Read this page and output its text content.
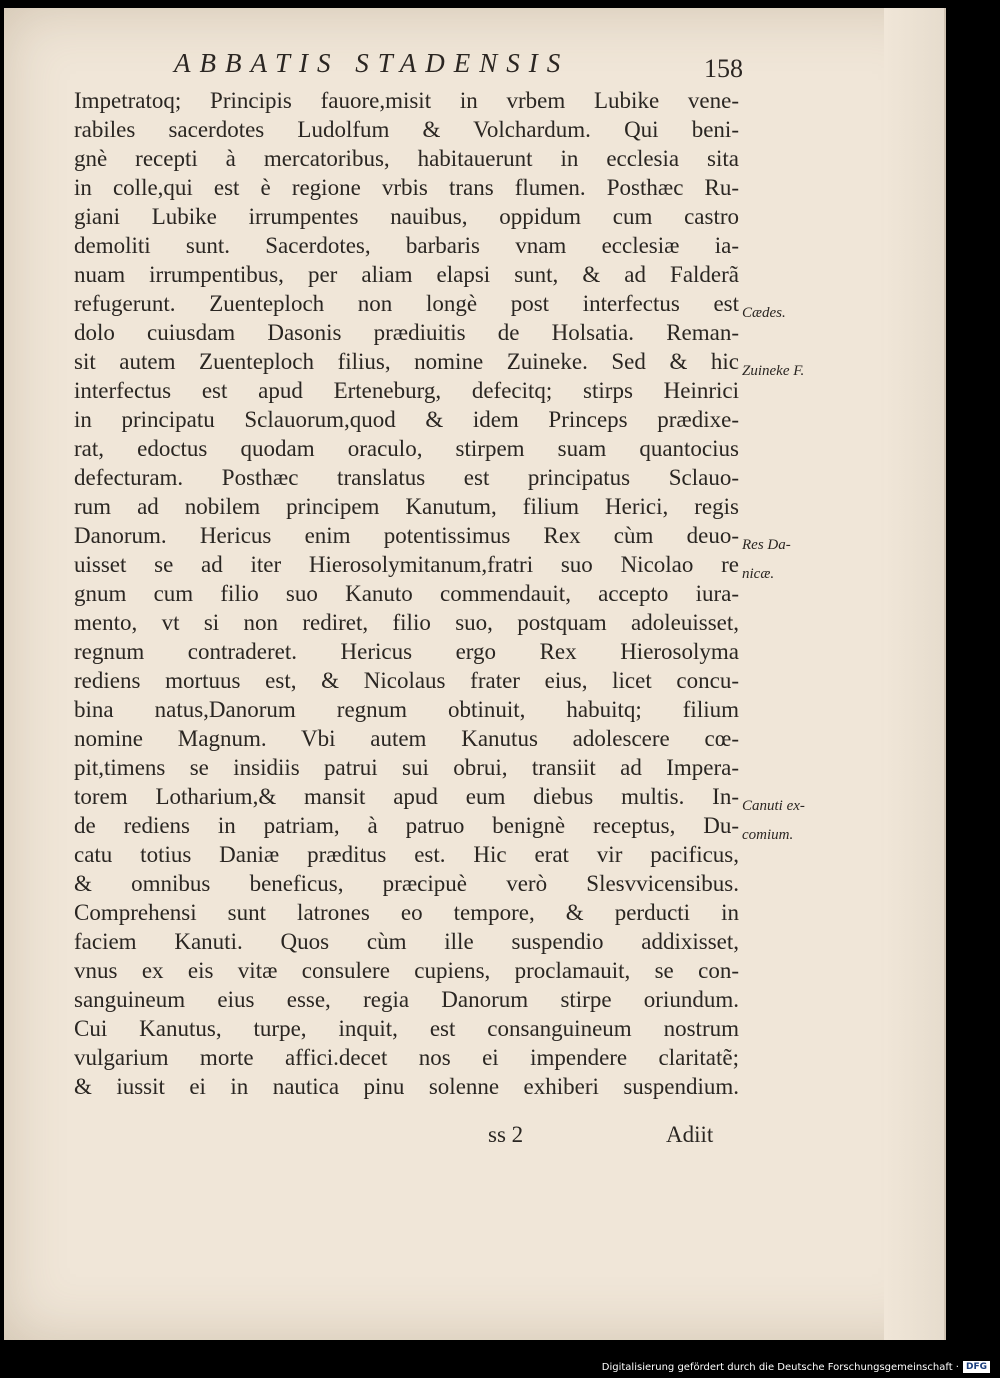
ABBATIS STADENSIS	158
Impetratoq; Principis fauore,misit in vrbem Lubike vene-
rabiles sacerdotes Ludolfum & Volchardum. Qui beni-
gnè recepti à mercatoribus, habitauerunt in ecclesia sita
in colle,qui est è regione vrbis trans flumen. Posthæc Ru-
giani Lubike irrumpentes nauibus, oppidum cum castro
demoliti sunt. Sacerdotes, barbaris vnam ecclesiæ ia-
nuam irrumpentibus, per aliam elapsi sunt, & ad Falderã
refugerunt. Zuenteploch non longè post interfectus est
dolo cuiusdam Dasonis prædiuitis de Holsatia. Reman-
sit autem Zuenteploch filius, nomine Zuineke. Sed & hic
interfectus est apud Erteneburg, defecitq; stirps Heinrici
in principatu Sclauorum,quod & idem Princeps prædixe-
rat, edoctus quodam oraculo, stirpem suam quantocius
defecturam. Posthæc translatus est principatus Sclauo-
rum ad nobilem principem Kanutum, filium Herici, regis
Danorum. Hericus enim potentissimus Rex cùm deuo-
uisset se ad iter Hierosolymitanum,fratri suo Nicolao re
gnum cum filio suo Kanuto commendauit, accepto iura-
mento, vt si non rediret, filio suo, postquam adoleuisset,
regnum contraderet. Hericus ergo Rex Hierosolyma
rediens mortuus est, & Nicolaus frater eius, licet concu-
bina natus,Danorum regnum obtinuit, habuitq; filium
nomine Magnum. Vbi autem Kanutus adolescere cœ-
pit,timens se insidiis patrui sui obrui, transiit ad Impera-
torem Lotharium,& mansit apud eum diebus multis. In-
de rediens in patriam, à patruo benignè receptus, Du-
catu totius Daniæ præditus est. Hic erat vir pacificus,
& omnibus beneficus, præcipuè verò Slesvvicensibus.
Comprehensi sunt latrones eo tempore, & perducti in
faciem Kanuti. Quos cùm ille suspendio addixisset,
vnus ex eis vitæ consulere cupiens, proclamauit, se con-
sanguineum eius esse, regia Danorum stirpe oriundum.
Cui Kanutus, turpe, inquit, est consanguineum nostrum
vulgarium morte affici.decet nos ei impendere claritatẽ;
& iussit ei in nautica pinu solenne exhiberi suspendium.
Cædes.
Zuineke F.
Res Da-
nicæ.
Canuti ex-
comium.
ss 2	Adiit
Digitalisierung gefördert durch die Deutsche Forschungsgemeinschaft · DFG
